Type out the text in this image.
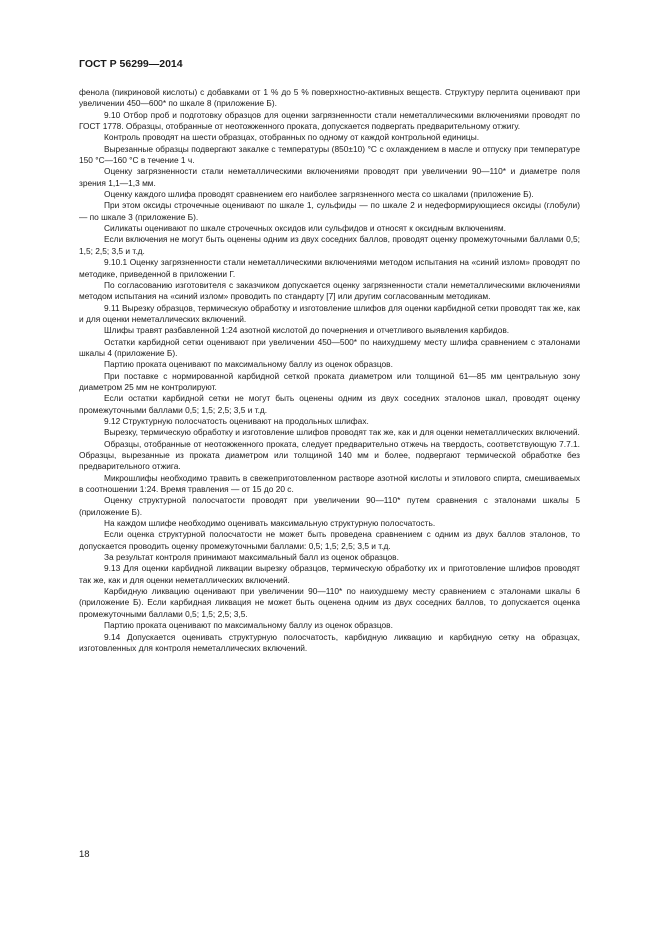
ГОСТ Р 56299—2014

фенола (пикриновой кислоты) с добавками от 1 % до 5 % поверхностно-активных веществ. Структуру перлита оценивают при увеличении 450—600* по шкале 8 (приложение Б).

9.10 Отбор проб и подготовку образцов для оценки загрязненности стали неметаллическими включениями проводят по ГОСТ 1778. Образцы, отобранные от неотожженного проката, допускается подвергать предварительному отжигу.

Контроль проводят на шести образцах, отобранных по одному от каждой контрольной единицы.

Вырезанные образцы подвергают закалке с температуры (850±10) °С с охлаждением в масле и отпуску при температуре 150 °С—160 °С в течение 1 ч.

Оценку загрязненности стали неметаллическими включениями проводят при увеличении 90—110* и диаметре поля зрения 1,1—1,3 мм.

Оценку каждого шлифа проводят сравнением его наиболее загрязненного места со шкалами (приложение Б).

При этом оксиды строчечные оценивают по шкале 1, сульфиды — по шкале 2 и недеформирующиеся оксиды (глобули) — по шкале 3 (приложение Б).

Силикаты оценивают по шкале строчечных оксидов или сульфидов и относят к оксидным включениям.

Если включения не могут быть оценены одним из двух соседних баллов, проводят оценку промежуточными баллами 0,5; 1,5; 2,5; 3,5 и т.д.

9.10.1 Оценку загрязненности стали неметаллическими включениями методом испытания на «синий излом» проводят по методике, приведенной в приложении Г.

По согласованию изготовителя с заказчиком допускается оценку загрязненности стали неметаллическими включениями методом испытания на «синий излом» проводить по стандарту [7] или другим согласованным методикам.

9.11 Вырезку образцов, термическую обработку и изготовление шлифов для оценки карбидной сетки проводят так же, как и для оценки неметаллических включений.

Шлифы травят разбавленной 1:24 азотной кислотой до почернения и отчетливого выявления карбидов.

Остатки карбидной сетки оценивают при увеличении 450—500* по наихудшему месту шлифа сравнением с эталонами шкалы 4 (приложение Б).

Партию проката оценивают по максимальному баллу из оценок образцов.

При поставке с нормированной карбидной сеткой проката диаметром или толщиной 61—85 мм центральную зону диаметром 25 мм не контролируют.

Если остатки карбидной сетки не могут быть оценены одним из двух соседних эталонов шкал, проводят оценку промежуточными баллами 0,5; 1,5; 2,5; 3,5 и т.д.

9.12 Структурную полосчатость оценивают на продольных шлифах.

Вырезку, термическую обработку и изготовление шлифов проводят так же, как и для оценки неметаллических включений.

Образцы, отобранные от неотожженного проката, следует предварительно отжечь на твердость, соответствующую 7.7.1. Образцы, вырезанные из проката диаметром или толщиной 140 мм и более, подвергают термической обработке без предварительного отжига.

Микрошлифы необходимо травить в свежеприготовленном растворе азотной кислоты и этилового спирта, смешиваемых в соотношении 1:24. Время травления — от 15 до 20 с.

Оценку структурной полосчатости проводят при увеличении 90—110* путем сравнения с эталонами шкалы 5 (приложение Б).

На каждом шлифе необходимо оценивать максимальную структурную полосчатость.

Если оценка структурной полосчатости не может быть проведена сравнением с одним из двух баллов эталонов, то допускается проводить оценку промежуточными баллами: 0,5; 1,5; 2,5; 3,5 и т.д.

За результат контроля принимают максимальный балл из оценок образцов.

9.13 Для оценки карбидной ликвации вырезку образцов, термическую обработку их и приготовление шлифов проводят так же, как и для оценки неметаллических включений.

Карбидную ликвацию оценивают при увеличении 90—110* по наихудшему месту сравнением с эталонами шкалы 6 (приложение Б). Если карбидная ликвация не может быть оценена одним из двух соседних баллов, то допускается оценка промежуточными баллами 0,5; 1,5; 2,5; 3,5.

Партию проката оценивают по максимальному баллу из оценок образцов.

9.14 Допускается оценивать структурную полосчатость, карбидную ликвацию и карбидную сетку на образцах, изготовленных для контроля неметаллических включений.

18
